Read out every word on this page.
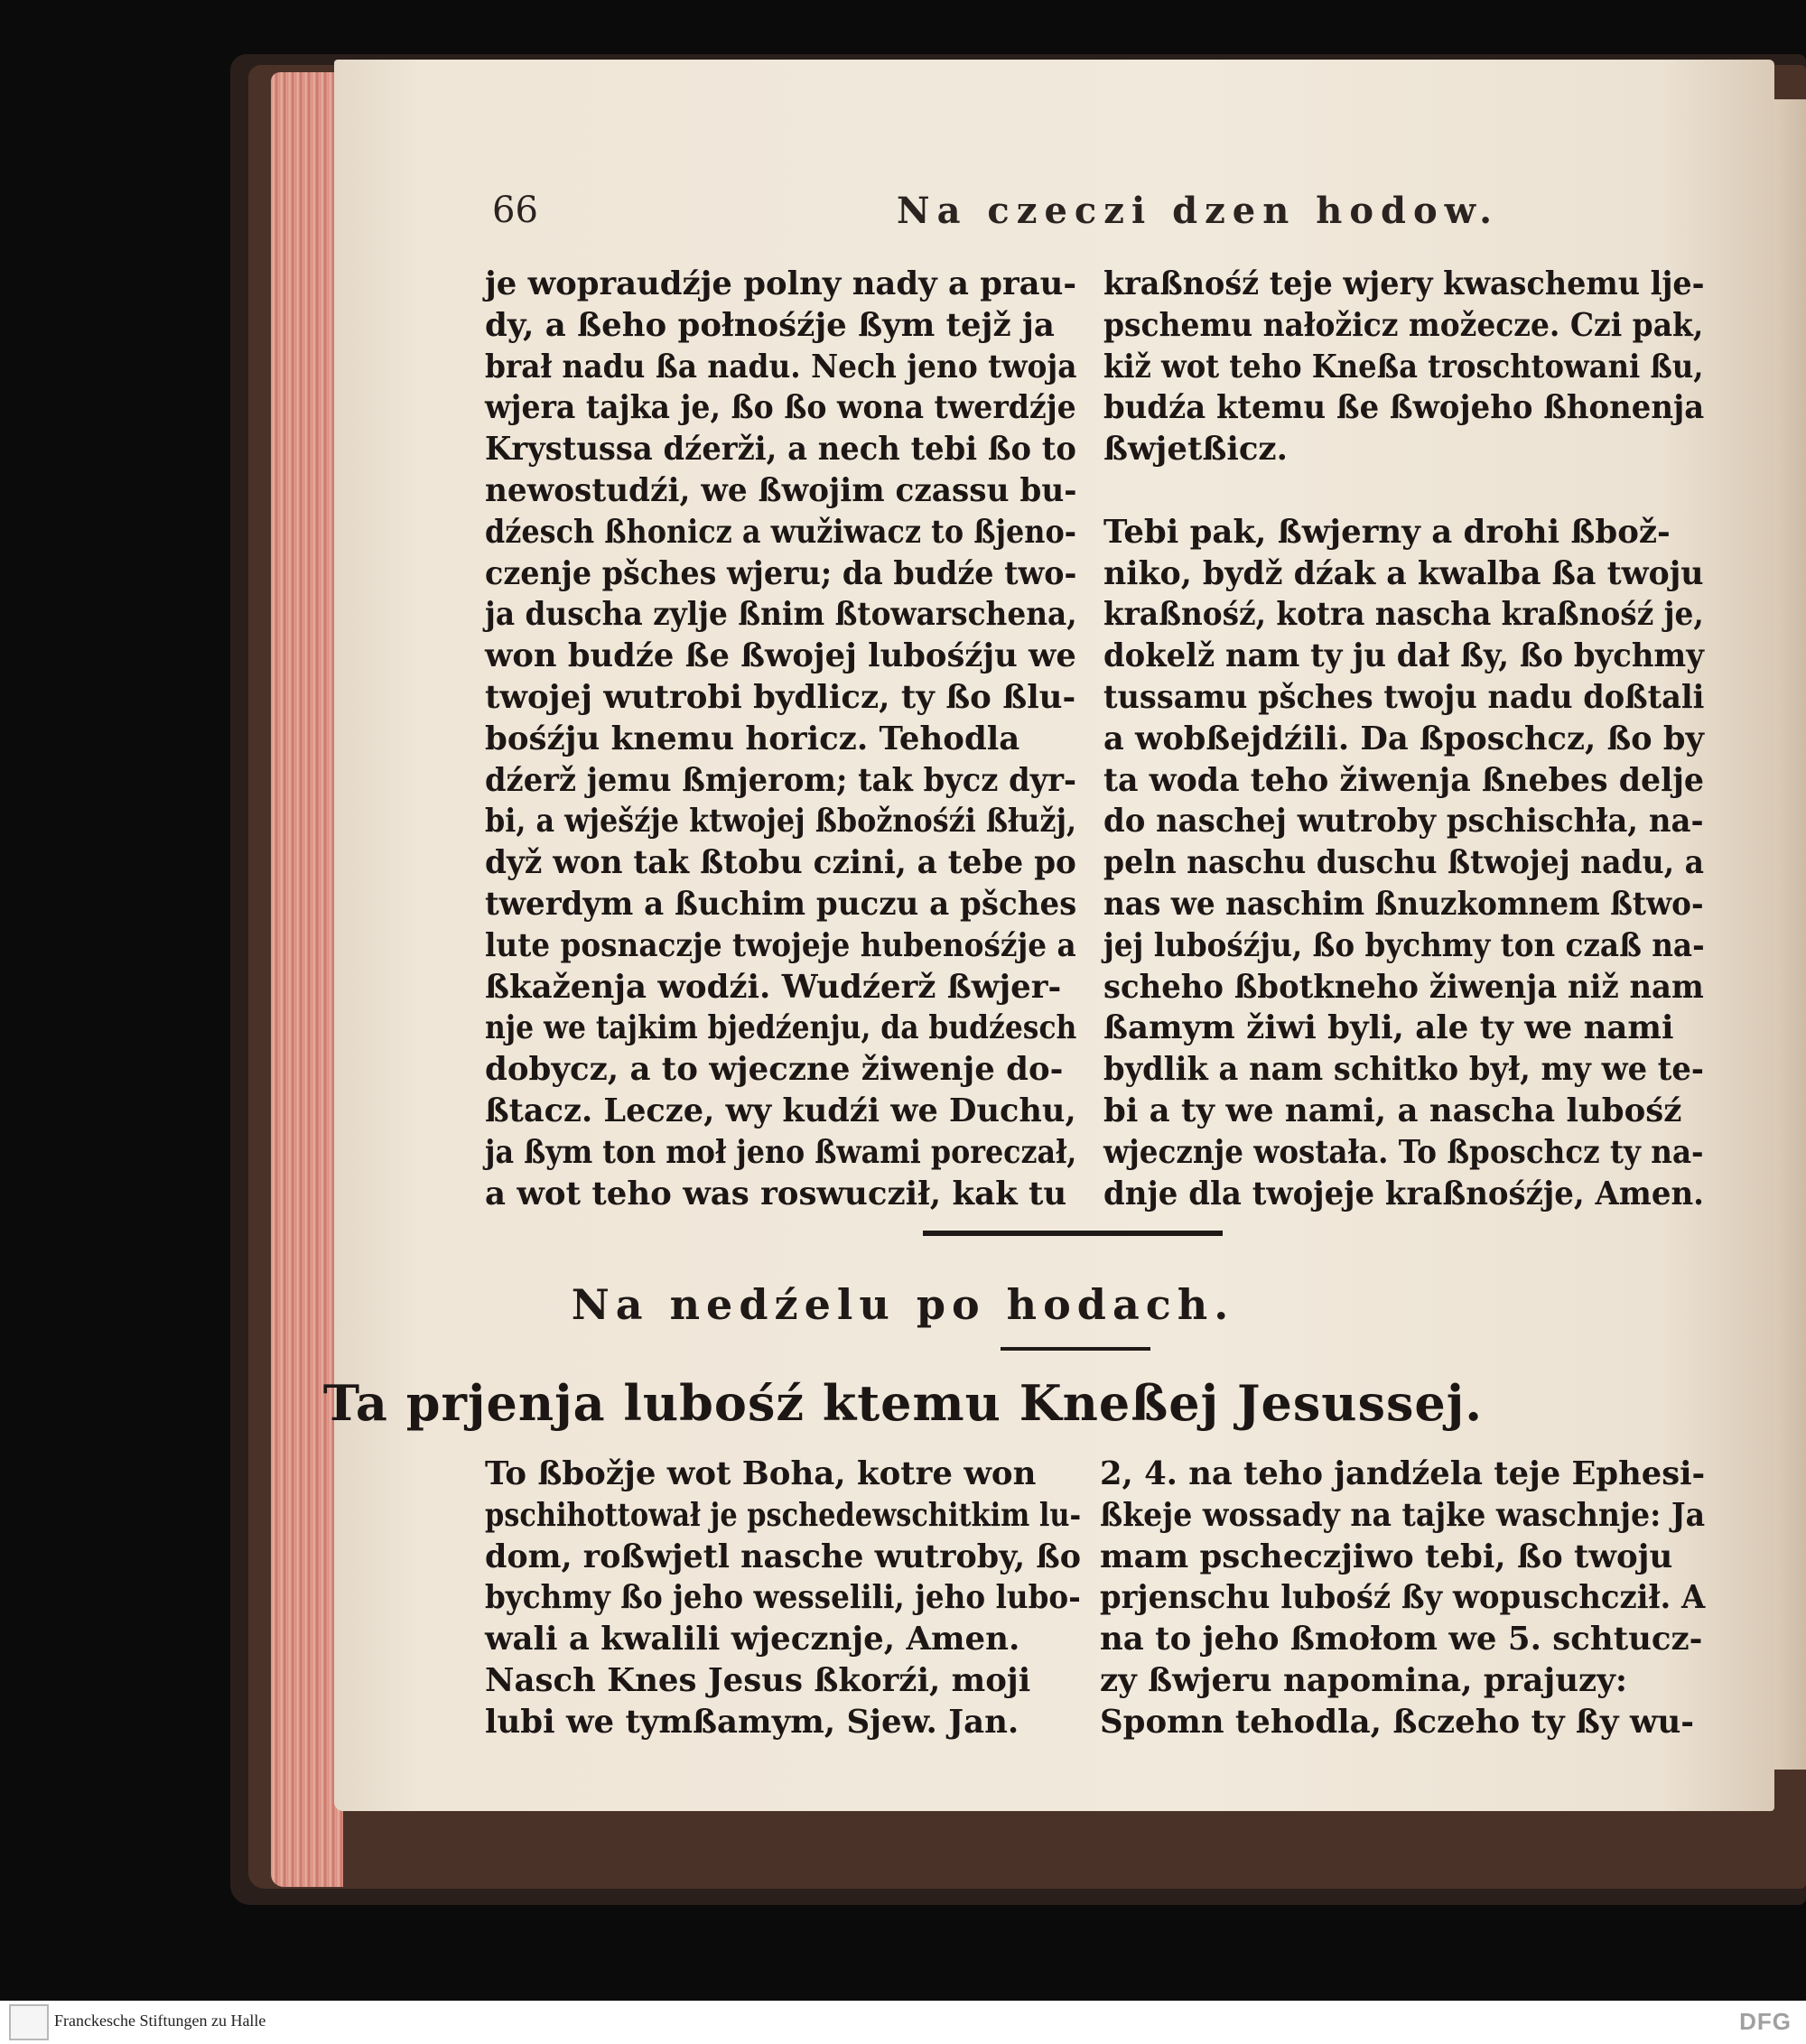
66	Na czeczi dzen hodow.
je wopraudźje polny nady a prau-
dy, a ßeho połnośźje ßym tejž ja
brał nadu ßa nadu. Nech jeno twoja
wjera tajka je, ßo ßo wona twerdźje
Krystussa dźerži, a nech tebi ßo to
newostudźi, we ßwojim czassu bu-
dźesch ßhonicz a wužiwacz to ßjeno-
czenje pšches wjeru; da budźe two-
ja duscha zylje ßnim ßtowarschena,
won budźe ße ßwojej lubośźju we
twojej wutrobi bydlicz, ty ßo ßlu-
bośźju knemu horicz. Tehodla
dźerž jemu ßmjerom; tak bycz dyr-
bi, a wješźje ktwojej ßbožnośźi ßłužj,
dyž won tak ßtobu czini, a tebe po
twerdym a ßuchim puczu a pšches
lute posnaczje twojeje hubenośźje a
ßkaženja wodźi. Wudźerž ßwjer-
nje we tajkim bjedźenju, da budźesch
dobycz, a to wjeczne žiwenje do-
ßtacz. Lecze, wy kudźi we Duchu,
ja ßym ton moł jeno ßwami poreczał,
a wot teho was roswucził, kak tu
kraßnośź teje wjery kwaschemu lje-
pschemu nałožicz možecze. Czi pak,
kiž wot teho Kneßa troschtowani ßu,
budźa ktemu ße ßwojeho ßhonenja
ßwjetßicz.
Tebi pak, ßwjerny a drohi ßbož-
niko, bydž dźak a kwalba ßa twoju
kraßnośź, kotra nascha kraßnośź je,
dokelž nam ty ju dał ßy, ßo bychmy
tussamu pšches twoju nadu doßtali
a wobßejdźili. Da ßposchcz, ßo by
ta woda teho žiwenja ßnebes delje
do naschej wutroby pschischła, na-
peln naschu duschu ßtwojej nadu, a
nas we naschim ßnuzkomnem ßtwo-
jej lubośźju, ßo bychmy ton czaß na-
scheho ßbotkneho žiwenja niž nam
ßamym žiwi byli, ale ty we nami
bydlik a nam schitko był, my we te-
bi a ty we nami, a nascha lubośź
wjecznje wostała. To ßposchcz ty na-
dnje dla twojeje kraßnośźje, Amen.
Na nedźelu po hodach.
Ta prjenja lubośź ktemu Kneßej Jesussej.
To ßbožje wot Boha, kotre won
pschihottował je pschedewschitkim lu-
dom, roßwjetl nasche wutroby, ßo
bychmy ßo jeho wesselili, jeho lubo-
wali a kwalili wjecznje, Amen.
Nasch Knes Jesus ßkorźi, moji
lubi we tymßamym, Sjew. Jan.
2, 4. na teho jandźela teje Ephesi-
ßkeje wossady na tajke waschnje: Ja
mam pscheczjiwo tebi, ßo twoju
prjenschu lubośź ßy wopuschcził. A
na to jeho ßmołom we 5. schtucz-
zy ßwjeru napomina, prajuzy:
Spomn tehodla, ßczeho ty ßy wu-
Franckesche Stiftungen zu Halle	DFG
